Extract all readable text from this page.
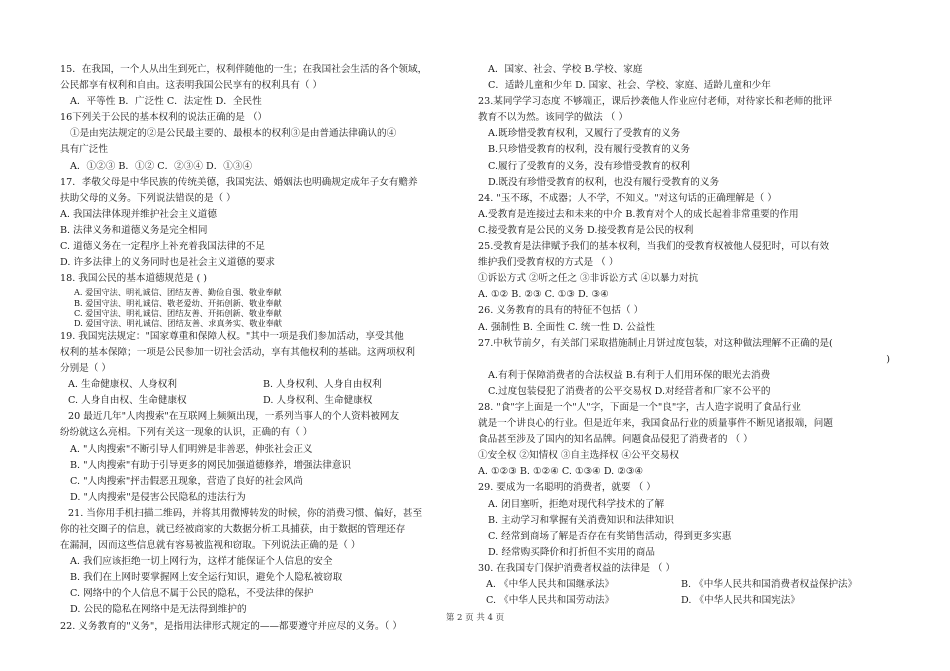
15．在我国，一个人从出生到死亡，权利伴随他的一生；在我国社会生活的各个领域，
公民都享有权利和自由。这表明我国公民享有的权利具有（ ）
A．平等性 B．广泛性 C．法定性 D．全民性
16下列关于公民的基本权利的说法正确的是 （）
①是由宪法规定的②是公民最主要的、最根本的权利③是由普通法律确认的④
具有广泛性
A．①②③ B．①② C．②③④ D．①③④
17．孝敬父母是中华民族的传统美德，我国宪法、婚姻法也明确规定成年子女有赡养
扶助父母的义务。下列说法错误的是（ ）
A. 我国法律体现并维护社会主义道德
B. 法律义务和道德义务是完全相同
C. 道德义务在一定程序上补充着我国法律的不足
D. 许多法律上的义务同时也是社会主义道德的要求
18. 我国公民的基本道德规范是 ( )
A. 爱国守法、明礼诚信、团结友善、勤俭自强、敬业奉献
B. 爱国守法、明礼诚信、敬老爱幼、开拓创新、敬业奉献
C. 爱国守法、明礼诚信、团结友善、开拓创新、敬业奉献
D. 爱国守法、明礼诚信、团结友善、求真务实、敬业奉献
19. 我国宪法规定："国家尊重和保障人权。"其中一项是我们参加活动，享受其他
权利的基本保障；一项是公民参加一切社会活动，享有其他权利的基础。这两项权利
分别是（ ）
A. 生命健康权、人身权利	B. 人身权利、人身自由权利
C. 人身自由权、生命健康权	D. 人身权利、生命健康权
20 最近几年"人肉搜索"在互联网上频频出现，一系列当事人的个人资料被网友
纷纷就这么亮相。下列有关这一现象的认识，正确的有（ ）
A. "人肉搜索"不断引导人们明辨是非善恶，伸张社会正义
B. "人肉搜索"有助于引导更多的网民加强道德修养，增强法律意识
C. "人肉搜索"抨击假恶丑现象，营造了良好的社会风尚
D. "人肉搜索"是侵害公民隐私的违法行为
21. 当你用手机扫描二维码，并将其用微博转发的时候，你的消费习惯、偏好，甚至
你的社交圈子的信息，就已经被商家的大数据分析工具捕获，由于数据的管理还存
在漏洞，因而这些信息就有容易被监视和窃取。下列说法正确的是（ ）
A. 我们应该拒绝一切上网行为，这样才能保证个人信息的安全
B. 我们在上网时要掌握网上安全运行知识，避免个人隐私被窃取
C. 网络中的个人信息不属于公民的隐私，不受法律的保护
D. 公民的隐私在网络中是无法得到维护的
22. 义务教育的"义务"，是指用法律形式规定的——都要遵守并应尽的义务。（ ）
A．国家、社会、学校 B.学校、家庭
C．适龄儿童和少年 D. 国家、社会、学校、家庭、适龄儿童和少年
23.某同学学习态度 不够端正，课后抄袭他人作业应付老师，对待家长和老师的批评
教育不以为然。该同学的做法 （ ）
A.既珍惜受教育权利，又履行了受教育的义务
B.只珍惜受教育的权利，没有履行受教育的义务
C.履行了受教育的义务，没有珍惜受教育的权利
D.既没有珍惜受教育的权利，也没有履行受教育的义务
24. "玉不琢，不成器；人不学，不知义。"对这句话的正确理解是（ ）
A.受教育是连接过去和未来的中介 B.教育对个人的成长起着非常重要的作用
C.接受教育是公民的义务 D.接受教育是公民的权利
25.受教育是法律赋予我们的基本权利，当我们的受教育权被他人侵犯时，可以有效
维护我们受教育权的方式是 （ ）
①诉讼方式 ②听之任之 ③非诉讼方式 ④以暴力对抗
A. ①② B. ②③ C. ①③ D. ③④
26. 义务教育的具有的特征不包括（ ）
A. 强制性 B. 全面性 C. 统一性 D. 公益性
27.中秋节前夕，有关部门采取措施制止月饼过度包装，对这种做法理解不正确的是(
)
A.有利于保障消费者的合法权益 B.有利于人们用环保的眼光去消费
C.过度包装侵犯了消费者的公平交易权 D.对经营者和厂家不公平的
28. "食"字上面是一个"人"字，下面是一个"良"字，古人造字说明了食品行业
就是一个讲良心的行业。但是近年来，我国食品行业的质量事件不断见诸报端，问题
食品甚至涉及了国内的知名品牌。问题食品侵犯了消费者的 （ ）
①安全权 ②知情权 ③自主选择权 ④公平交易权
A. ①②③ B. ①②④ C. ①③④ D. ②③④
29. 要成为一名聪明的消费者，就要 （ ）
A. 闭目塞听，拒绝对现代科学技术的了解
B. 主动学习和掌握有关消费知识和法律知识
C. 经常到商场了解是否存在有奖销售活动，得到更多实惠
D. 经常购买降价和打折但不实用的商品
30. 在我国专门保护消费者权益的法律是 （ ）
A. 《中华人民共和国继承法》	B. 《中华人民共和国消费者权益保护法》
C. 《中华人民共和国劳动法》	D. 《中华人民共和国宪法》
第 2 页 共 4 页
